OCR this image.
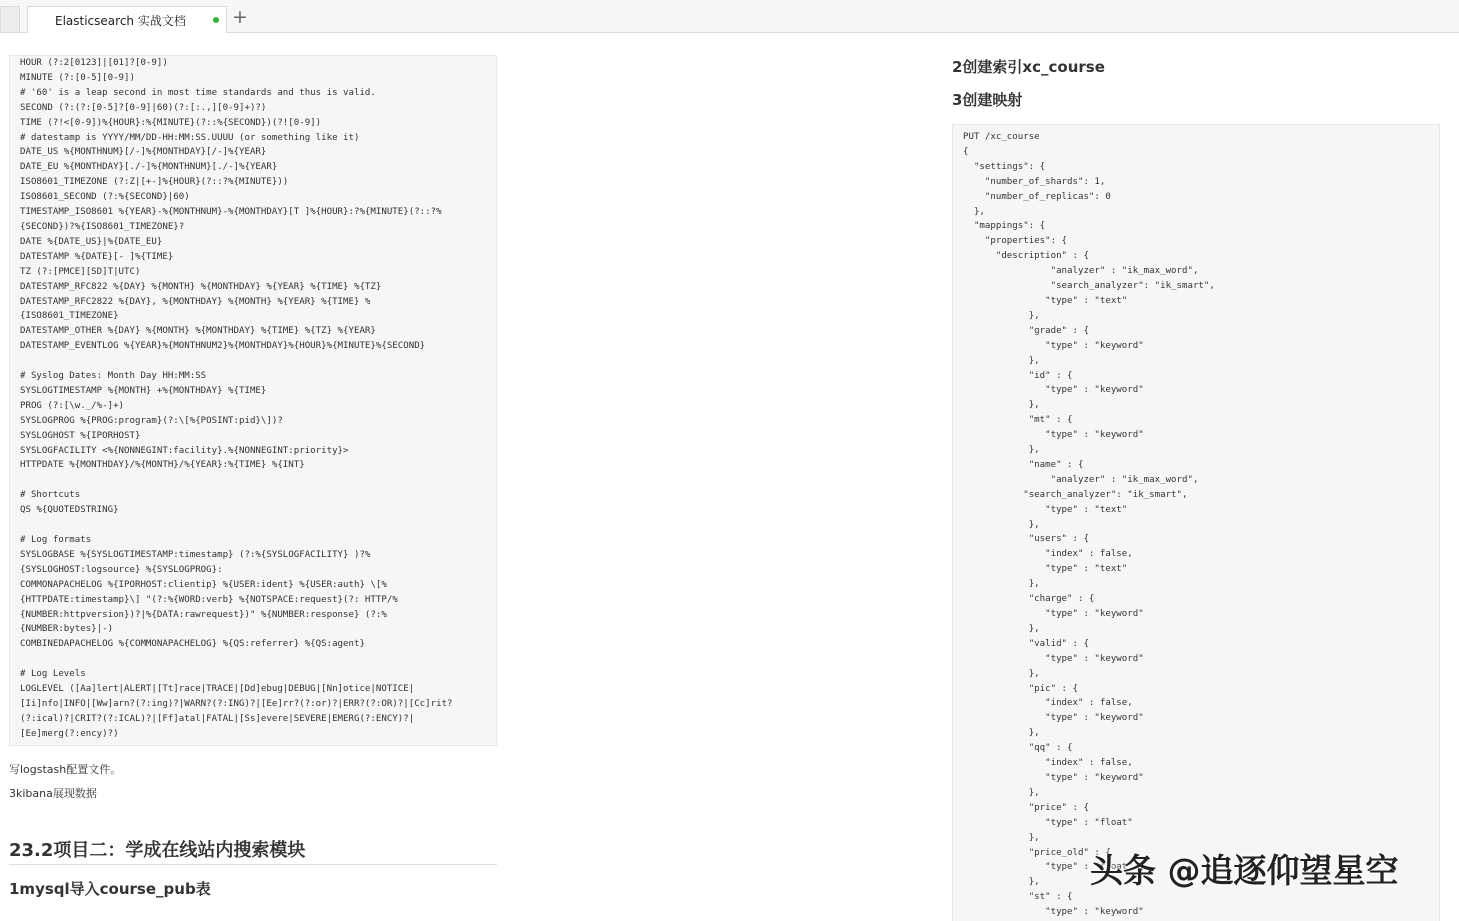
Elasticsearch 实战文档 +
HOUR (?:2[0123]|[01]?[0-9])
MINUTE (?:[0-5][0-9])
# '60' is a leap second in most time standards and thus is valid.
SECOND (?:(?:[0-5]?[0-9]|60)(?:[:.,][0-9]+)?)
TIME (?!<[0-9])%{HOUR}:%{MINUTE}(?::%{SECOND})(?![0-9])
# datestamp is YYYY/MM/DD-HH:MM:SS.UUUU (or something like it)
DATE_US %{MONTHNUM}[/-]%{MONTHDAY}[/-]%{YEAR}
DATE_EU %{MONTHDAY}[./-]%{MONTHNUM}[./-]%{YEAR}
ISO8601_TIMEZONE (?:Z|[+-]%{HOUR}(?::?%{MINUTE}))
ISO8601_SECOND (?:%{SECOND}|60)
TIMESTAMP_ISO8601 %{YEAR}-%{MONTHNUM}-%{MONTHDAY}[T ]%{HOUR}:?%{MINUTE}(?::?%
{SECOND})?%{ISO8601_TIMEZONE}?
DATE %{DATE_US}|%{DATE_EU}
DATESTAMP %{DATE}[- ]%{TIME}
TZ (?:[PMCE][SD]T|UTC)
DATESTAMP_RFC822 %{DAY} %{MONTH} %{MONTHDAY} %{YEAR} %{TIME} %{TZ}
DATESTAMP_RFC2822 %{DAY}, %{MONTHDAY} %{MONTH} %{YEAR} %{TIME} %
{ISO8601_TIMEZONE}
DATESTAMP_OTHER %{DAY} %{MONTH} %{MONTHDAY} %{TIME} %{TZ} %{YEAR}
DATESTAMP_EVENTLOG %{YEAR}%{MONTHNUM2}%{MONTHDAY}%{HOUR}%{MINUTE}%{SECOND}

# Syslog Dates: Month Day HH:MM:SS
SYSLOGTIMESTAMP %{MONTH} +%{MONTHDAY} %{TIME}
PROG (?:[\w._/%-]+)
SYSLOGPROG %{PROG:program}(?:\[%{POSINT:pid}\])?
SYSLOGHOST %{IPORHOST}
SYSLOGFACILITY <%{NONNEGINT:facility}.%{NONNEGINT:priority}>
HTTPDATE %{MONTHDAY}/%{MONTH}/%{YEAR}:%{TIME} %{INT}

# Shortcuts
QS %{QUOTEDSTRING}

# Log formats
SYSLOGBASE %{SYSLOGTIMESTAMP:timestamp} (?:%{SYSLOGFACILITY} )?%
{SYSLOGHOST:logsource} %{SYSLOGPROG}:
COMMONAPACHELOG %{IPORHOST:clientip} %{USER:ident} %{USER:auth} \[%
{HTTPDATE:timestamp}\] "(?:%{WORD:verb} %{NOTSPACE:request}(?: HTTP/%
{NUMBER:httpversion})?|%{DATA:rawrequest})" %{NUMBER:response} (?:%
{NUMBER:bytes}|-)
COMBINEDAPACHELOG %{COMMONAPACHELOG} %{QS:referrer} %{QS:agent}

# Log Levels
LOGLEVEL ([Aa]lert|ALERT|[Tt]race|TRACE|[Dd]ebug|DEBUG|[Nn]otice|NOTICE|
[Ii]nfo|INFO|[Ww]arn?(?:ing)?|WARN?(?:ING)?|[Ee]rr?(?:or)?|ERR?(?:OR)?|[Cc]rit?
(?:ical)?|CRIT?(?:ICAL)?|[Ff]atal|FATAL|[Ss]evere|SEVERE|EMERG(?:ENCY)?|
[Ee]merg(?:ency)?)
写logstash配置文件。
3kibana展现数据
23.2项目二：学成在线站内搜索模块
1mysql导入course_pub表
2创建索引xc_course
3创建映射
PUT /xc_course
{
"settings": {
"number_of_shards": 1,
"number_of_replicas": 0
},
"mappings": {
"properties": {
"description" : {
"analyzer" : "ik_max_word",
"search_analyzer": "ik_smart",
"type" : "text"
},
"grade" : {
"type" : "keyword"
},
"id" : {
"type" : "keyword"
},
"mt" : {
"type" : "keyword"
},
"name" : {
"analyzer" : "ik_max_word",
"search_analyzer": "ik_smart",
"type" : "text"
},
"users" : {
"index" : false,
"type" : "text"
},
"charge" : {
"type" : "keyword"
},
"valid" : {
"type" : "keyword"
},
"pic" : {
"index" : false,
"type" : "keyword"
},
"qq" : {
"index" : false,
"type" : "keyword"
},
"price" : {
"type" : "float"
},
"price_old" : {
"type" : "float"
},
"st" : {
"type" : "keyword"
头条 @追逐仰望星空
